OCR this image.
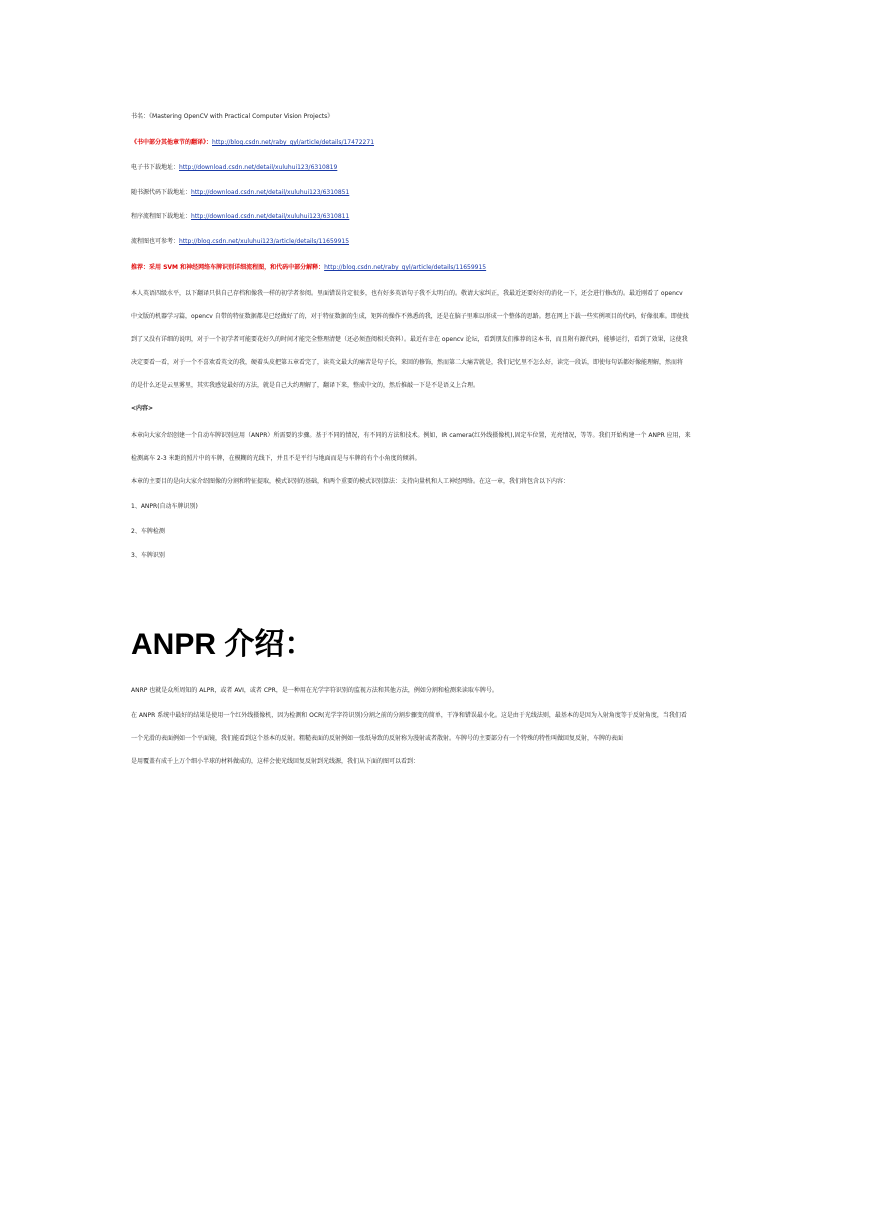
书名：《Mastering OpenCV with Practical Computer Vision Projects》
《书中部分其他章节的翻译》：http://blog.csdn.net/raby_gyl/article/details/17472271
电子书下载地址：http://download.csdn.net/detail/xuluhui123/6310819
随书源代码下载地址：http://download.csdn.net/detail/xuluhui123/6310851
程序流程图下载地址：http://download.csdn.net/detail/xuluhui123/6310811
流程图也可参考：http://blog.csdn.net/xuluhui123/article/details/11659915
推荐：采用 SVM 和神经网络车牌识别详细流程图，和代码中部分解释：http://blog.csdn.net/raby_gyl/article/details/11659915

本人英语四级水平，以下翻译只供自己存档和像我一样的初学者参阅。里面错误肯定很多，也有好多英语句子我不太明白的。敬请大家纠正，我最近还要好好的消化一下，还会进行修改的。最近刚看了 opencv

中文版的机器学习篇，opencv 自带的特征数据都是已经做好了的，对于特征数据的生成，矩阵的操作不熟悉的我，还是在脑子里难以形成一个整体的思路。想在网上下载一些实例项目的代码，好像很难。即使找

到了又没有详细的说明，对于一个初学者可能要花好久的时间才能完全整理清楚（还必须查阅相关资料）。最近有幸在 opencv 论坛，看到朋友们推荐的这本书，而且附有源代码，能够运行，看到了效果，这使我

决定要看一看，对于一个不喜欢看英文的我，硬着头皮把第五章看完了，读英文最大的痛苦是句子长，来回的修饰，然而第二大痛苦就是，我们记忆里不怎么好，读完一段话，即使每句话都好像能理解，然而将

的是什么还是云里雾里，其实我感觉最好的方法，就是自己大约理解了，翻译下来，整成中文的，然后推敲一下是不是语义上合理。

<内容>

本章向大家介绍创建一个自动车牌识别应用（ANPR）所需要的步骤。基于不同的情况，有不同的方法和技术。例如，IR camera(红外线摄像机),固定车位置，光亮情况，等等。我们开始构建一个 ANPR 应用，来

检测离车 2-3 米距的照片中的车牌，在模糊的光线下，并且不是平行与地面而是与车牌的有个小角度的倾斜。

本章的主要目的是向大家介绍图像的分割和特征提取，模式识别的基础，和两个重要的模式识别算法：支持向量机和人工神经网络。在这一章，我们将包含以下内容：
1、ANPR(自动车牌识别)
2、车牌检测
3、车牌识别
ANPR 介绍：
ANRP 也就是众所周知的 ALPR，或者 AVI，或者 CPR，是一种用在光学字符识别的监视方法和其他方法，例如分割和检测来读取车牌号。

在 ANPR 系统中最好的结果是使用一个红外线摄像机，因为检测和 OCR(光学字符识别)分割之前的分割步骤变的简单，干净和错误最小化。这是由于光线法则，最基本的是因为入射角度等于反射角度，当我们看

一个光滑的表面例如一个平面镜，我们能看到这个基本的反射。粗糙表面的反射例如一张纸导致的反射称为漫射或者散射。车牌号的主要部分有一个特殊的特性叫做回复反射，车牌的表面

是用覆盖有成千上万个细小半球的材料做成的，这样会使光线回复反射到光线源，我们从下面的图可以看到：
